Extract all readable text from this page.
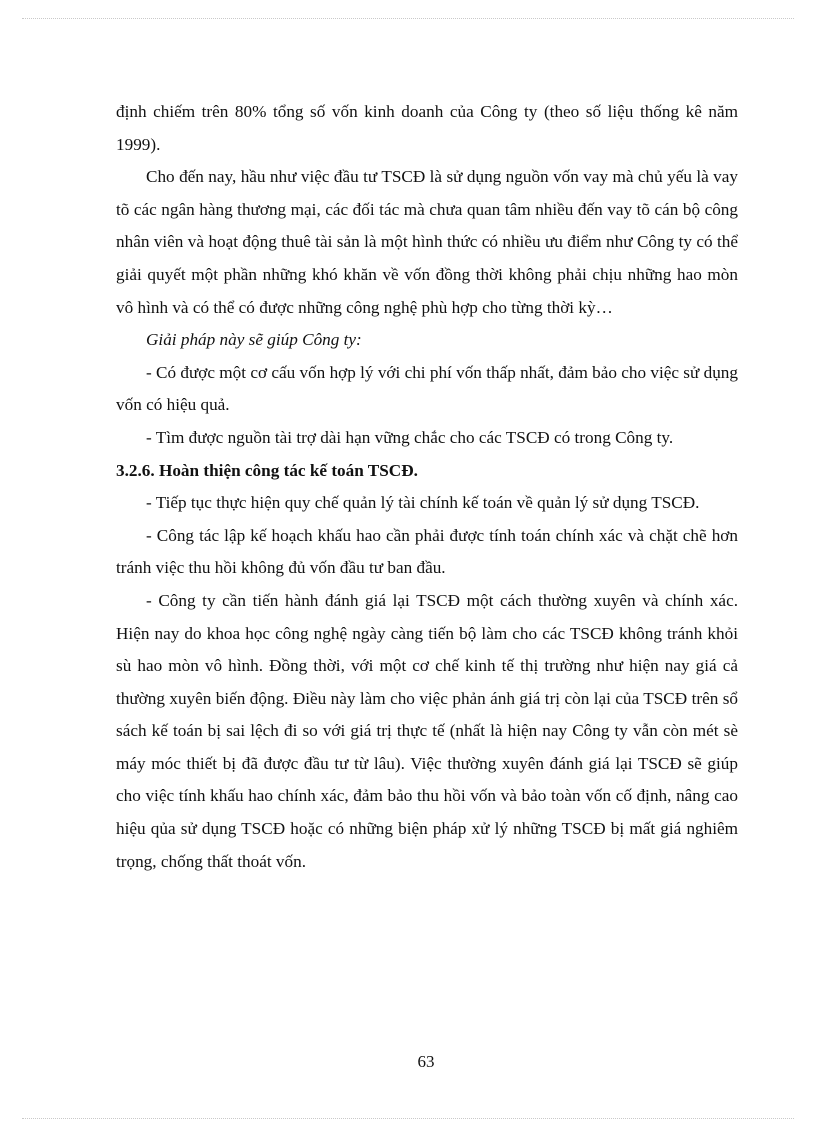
định chiếm trên 80% tổng số vốn kinh doanh của Công ty (theo số liệu thống kê năm 1999).

Cho đến nay, hầu như việc đầu tư TSCĐ là sử dụng nguồn vốn vay mà chủ yếu là vay tõ các ngân hàng thương mại, các đối tác mà chưa quan tâm nhiều đến vay tõ cán bộ công nhân viên và hoạt động thuê tài sản là một hình thức có nhiều ưu điểm như Công ty có thể giải quyết một phần những khó khăn về vốn đồng thời không phải chịu những hao mòn vô hình và có thể có được những công nghệ phù hợp cho từng thời kỳ…

Giải pháp này sẽ giúp Công ty:

- Có được một cơ cấu vốn hợp lý với chi phí vốn thấp nhất, đảm bảo cho việc sử dụng vốn có hiệu quả.

- Tìm được nguồn tài trợ dài hạn vững chắc cho các TSCĐ có trong Công ty.

3.2.6. Hoàn thiện công tác kế toán TSCĐ.

- Tiếp tục thực hiện quy chế quản lý tài chính kế toán về quản lý sử dụng TSCĐ.

- Công tác lập kế hoạch khấu hao cần phải được tính toán chính xác và chặt chẽ hơn tránh việc thu hồi không đủ vốn đầu tư ban đầu.

- Công ty cần tiến hành đánh giá lại TSCĐ một cách thường xuyên và chính xác. Hiện nay do khoa học công nghệ ngày càng tiến bộ làm cho các TSCĐ không tránh khỏi sù hao mòn vô hình. Đồng thời, với một cơ chế kinh tế thị trường như hiện nay giá cả thường xuyên biến động. Điều này làm cho việc phản ánh giá trị còn lại của TSCĐ trên sổ sách kế toán bị sai lệch đi so với giá trị thực tế (nhất là hiện nay Công ty vẫn còn mét sè máy móc thiết bị đã được đầu tư từ lâu). Việc thường xuyên đánh giá lại TSCĐ sẽ giúp cho việc tính khấu hao chính xác, đảm bảo thu hồi vốn và bảo toàn vốn cố định, nâng cao hiệu qủa sử dụng TSCĐ hoặc có những biện pháp xử lý những TSCĐ bị mất giá nghiêm trọng, chống thất thoát vốn.

63
